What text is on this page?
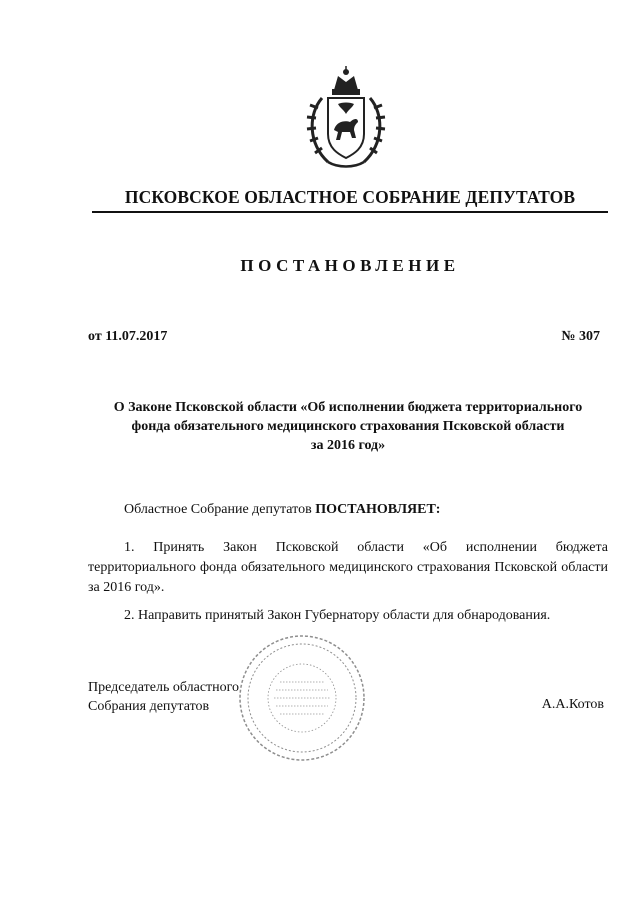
ПСКОВСКОЕ ОБЛАСТНОЕ СОБРАНИЕ ДЕПУТАТОВ
ПОСТАНОВЛЕНИЕ
от 11.07.2017	№ 307
О Законе Псковской области «Об исполнении бюджета территориального
фонда обязательного медицинского страхования Псковской области
за 2016 год»
Областное Собрание депутатов ПОСТАНОВЛЯЕТ:
1. Принять Закон Псковской области «Об исполнении бюджета территориального фонда обязательного медицинского страхования Псковской области за 2016 год».
2. Направить принятый Закон Губернатору области для обнародования.
Председатель областного
Собрания депутатов	А.А.Котов
